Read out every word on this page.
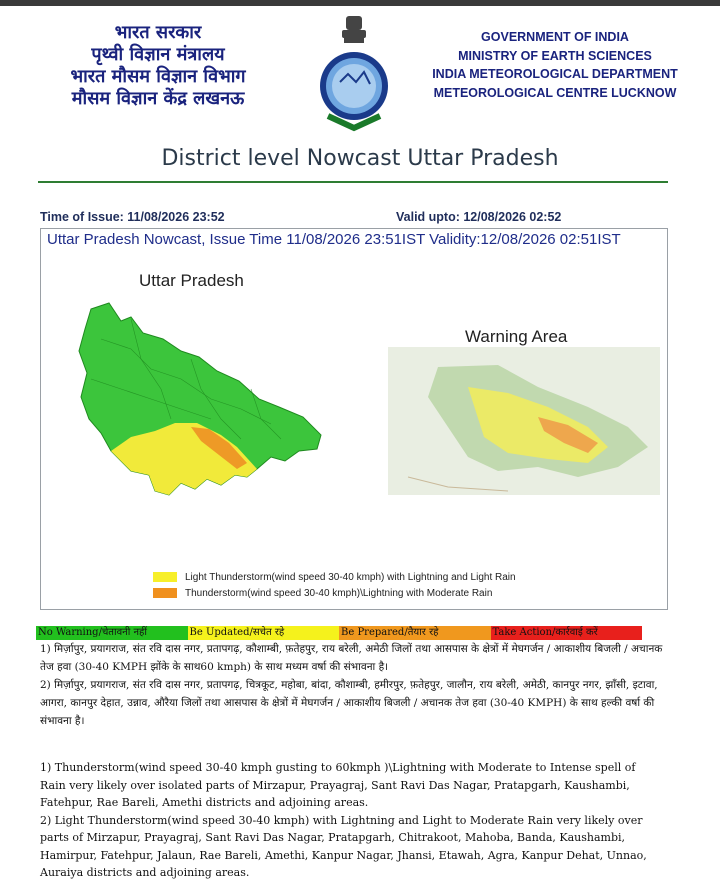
भारत सरकार
पृथ्वी विज्ञान मंत्रालय
भारत मौसम विज्ञान विभाग
मौसम विज्ञान केंद्र लखनऊ
GOVERNMENT OF INDIA
MINISTRY OF EARTH SCIENCES
INDIA METEOROLOGICAL DEPARTMENT
METEOROLOGICAL CENTRE LUCKNOW
District level Nowcast Uttar Pradesh
Time of Issue: 11/08/2026 23:52	Valid upto: 12/08/2026 02:52
Uttar Pradesh Nowcast, Issue Time 11/08/2026 23:51IST Validity:12/08/2026 02:51IST
Uttar Pradesh
Warning Area
Light Thunderstorm(wind speed 30-40 kmph) with Lightning and Light Rain
Thunderstorm(wind speed 30-40 kmph)\Lightning with Moderate Rain
No Warning/चेतावनी नहीं	Be Updated/सचेत रहे	Be Prepared/तैयार रहे	Take Action/कार्रवाई करें
1) मिर्ज़ापुर, प्रयागराज, संत रवि दास नगर, प्रतापगढ़, कौशाम्बी, फ़तेहपुर, राय बरेली, अमेठी जिलों तथा आसपास के क्षेत्रों में मेघगर्जन / आकाशीय बिजली / अचानक तेज हवा (30-40 KMPH झोंके के साथ60 kmph) के साथ मध्यम वर्षा की संभावना है।
2) मिर्ज़ापुर, प्रयागराज, संत रवि दास नगर, प्रतापगढ़, चित्रकूट, महोबा, बांदा, कौशाम्बी, हमीरपुर, फ़तेहपुर, जालौन, राय बरेली, अमेठी, कानपुर नगर, झाँसी, इटावा, आगरा, कानपुर देहात, उन्नाव, औरैया जिलों तथा आसपास के क्षेत्रों में मेघगर्जन / आकाशीय बिजली / अचानक तेज हवा (30-40 KMPH) के साथ हल्की वर्षा की संभावना है।
1) Thunderstorm(wind speed 30-40 kmph gusting to 60kmph )\Lightning with Moderate to Intense spell of Rain very likely over isolated parts of Mirzapur, Prayagraj, Sant Ravi Das Nagar, Pratapgarh, Kaushambi, Fatehpur, Rae Bareli, Amethi districts and adjoining areas.
2) Light Thunderstorm(wind speed 30-40 kmph) with Lightning and Light to Moderate Rain very likely over parts of Mirzapur, Prayagraj, Sant Ravi Das Nagar, Pratapgarh, Chitrakoot, Mahoba, Banda, Kaushambi, Hamirpur, Fatehpur, Jalaun, Rae Bareli, Amethi, Kanpur Nagar, Jhansi, Etawah, Agra, Kanpur Dehat, Unnao, Auraiya districts and adjoining areas.
